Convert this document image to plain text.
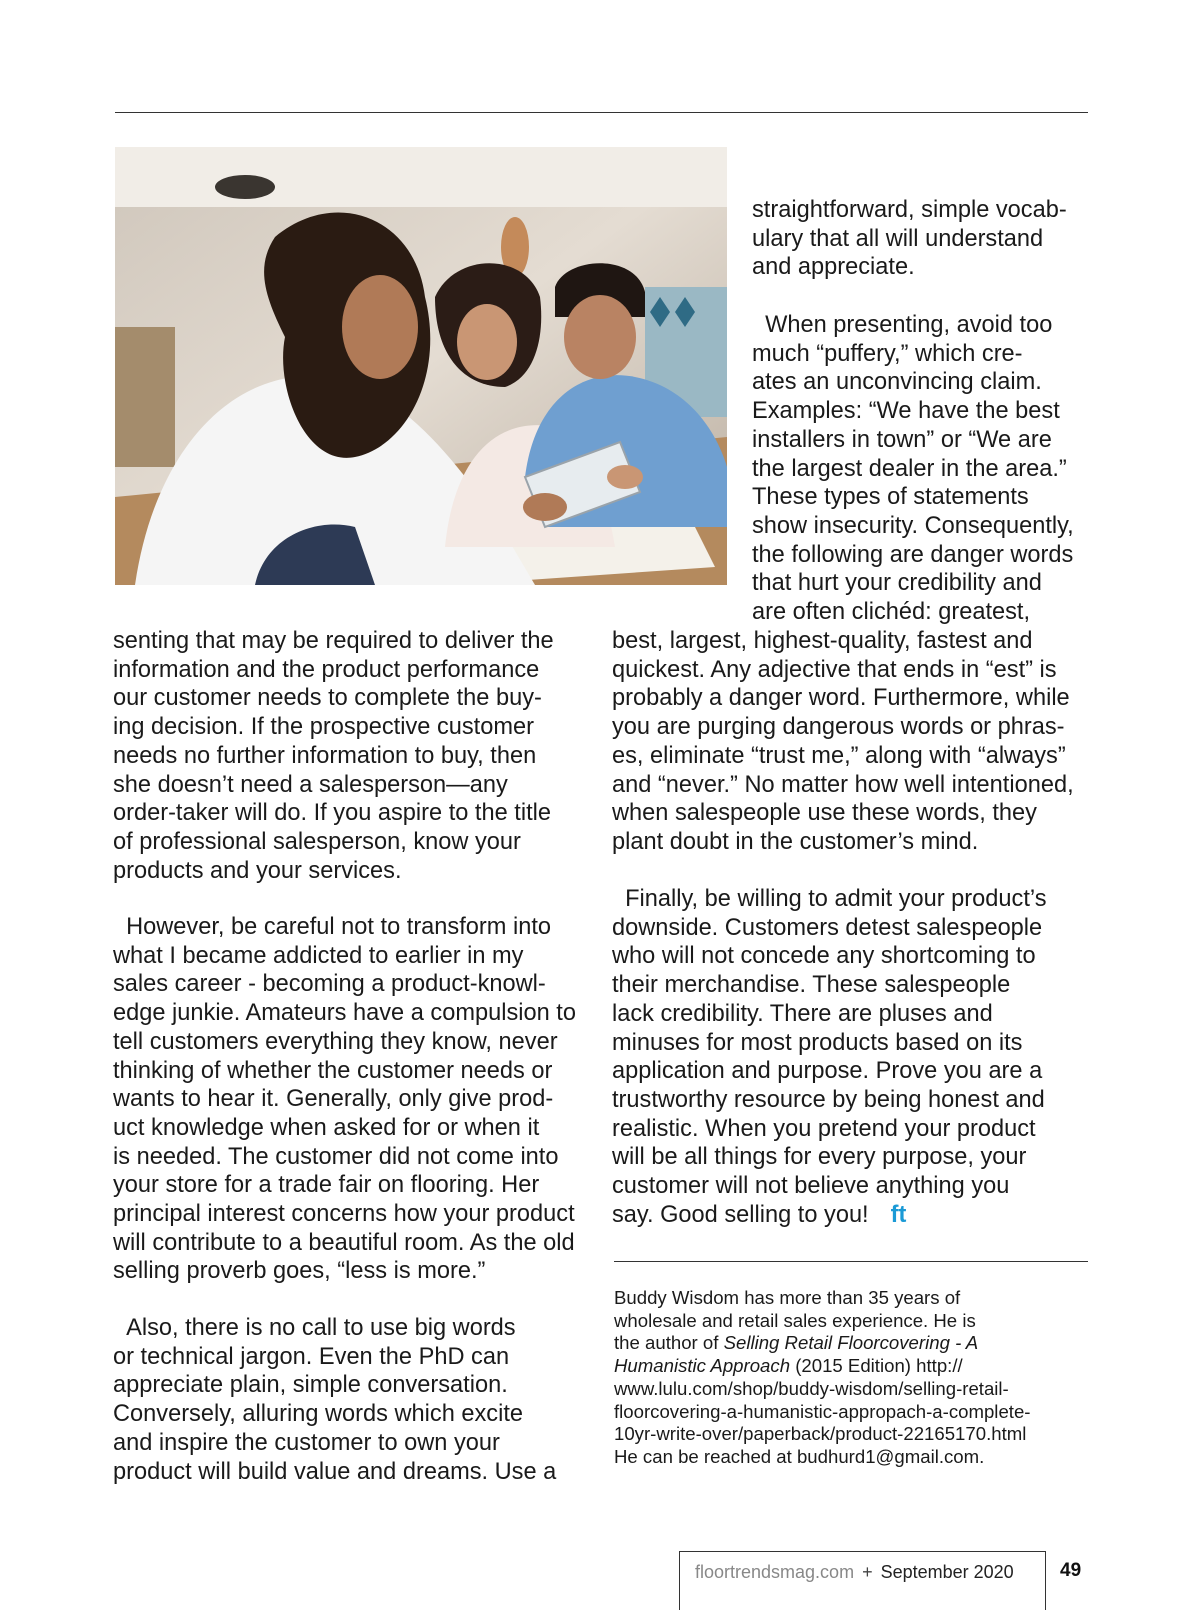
straightforward, simple vocab-
ulary that all will understand
and appreciate.

When presenting, avoid too
much “puffery,” which cre-
ates an unconvincing claim.
Examples: “We have the best
installers in town” or “We are
the largest dealer in the area.”
These types of statements
show insecurity. Consequently,
the following are danger words
that hurt your credibility and
are often clichéd: greatest,

best, largest, highest-quality, fastest and
quickest. Any adjective that ends in “est” is
probably a danger word. Furthermore, while
you are purging dangerous words or phras-
es, eliminate “trust me,” along with “always”
and “never.” No matter how well intentioned,
when salespeople use these words, they
plant doubt in the customer’s mind.

senting that may be required to deliver the
information and the product performance
our customer needs to complete the buy-
ing decision. If the prospective customer
needs no further information to buy, then
she doesn’t need a salesperson—any
order-taker will do. If you aspire to the title
of professional salesperson, know your
products and your services.

However, be careful not to transform into
what I became addicted to earlier in my
sales career - becoming a product-knowl-
edge junkie. Amateurs have a compulsion to
tell customers everything they know, never
thinking of whether the customer needs or
wants to hear it. Generally, only give prod-
uct knowledge when asked for or when it
is needed. The customer did not come into
your store for a trade fair on flooring. Her
principal interest concerns how your product
will contribute to a beautiful room. As the old
selling proverb goes, “less is more.”

Also, there is no call to use big words
or technical jargon. Even the PhD can
appreciate plain, simple conversation.
Conversely, alluring words which excite
and inspire the customer to own your
product will build value and dreams. Use a

Finally, be willing to admit your product’s
downside. Customers detest salespeople
who will not concede any shortcoming to
their merchandise. These salespeople
lack credibility. There are pluses and
minuses for most products based on its
application and purpose. Prove you are a
trustworthy resource by being honest and
realistic. When you pretend your product
will be all things for every purpose, your
customer will not believe anything you
say. Good selling to you! ft

Buddy Wisdom has more than 35 years of
wholesale and retail sales experience. He is
the author of Selling Retail Floorcovering - A
Humanistic Approach (2015 Edition) http://
www.lulu.com/shop/buddy-wisdom/selling-retail-
floorcovering-a-humanistic-appropach-a-complete-
10yr-write-over/paperback/product-22165170.html
He can be reached at budhurd1@gmail.com.

floortrendsmag.com + September 2020 49
